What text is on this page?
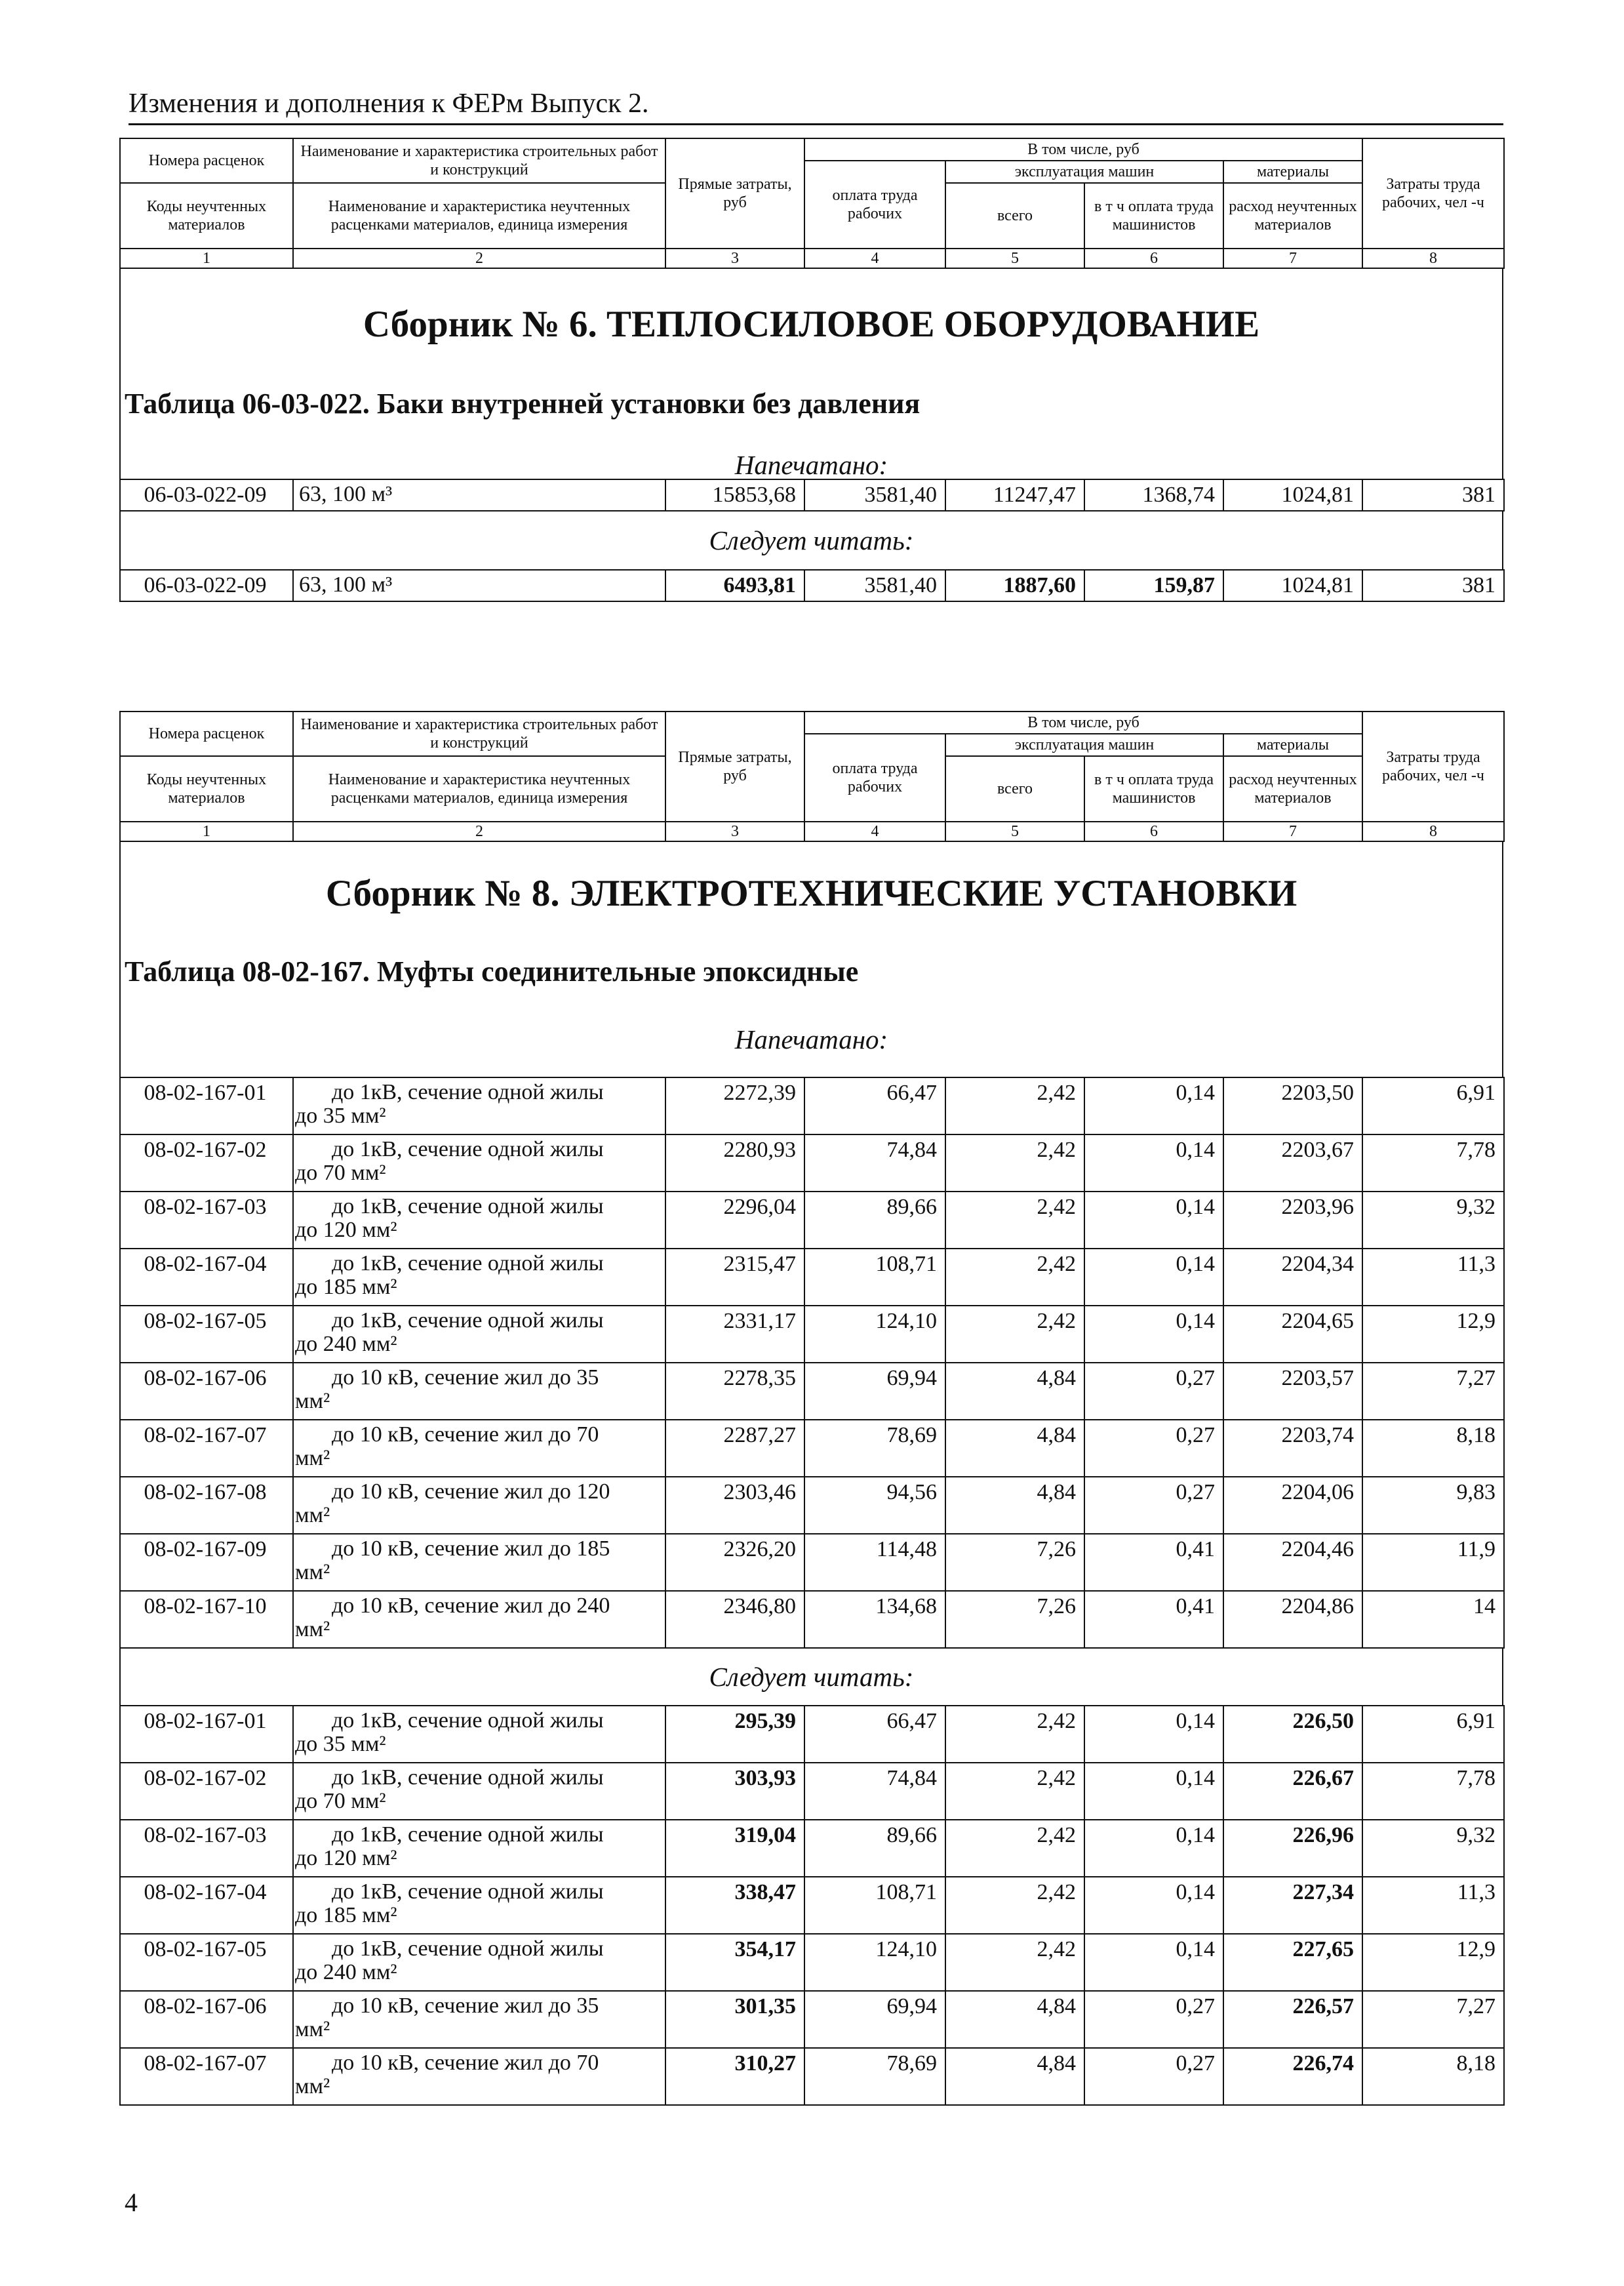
Изменения и дополнения к ФЕРм Выпуск 2.
Номера расценок	Наименование и характеристика строительных работ и конструкций	Прямые затраты, руб	В том числе, руб				Затраты труда рабочих, чел -ч
			оплата труда рабочих	эксплуатация машин		материалы	
Коды неучтенных материалов	Наименование и характеристика неучтенных расценками материалов, единица измерения			всего	в т ч оплата труда машинистов	расход неучтенных материалов	

1	2	3	4	5	6	7	8
Сборник № 6. ТЕПЛОСИЛОВОЕ ОБОРУДОВАНИЕ
Таблица 06-03-022. Баки внутренней установки без давления
Напечатано:
06-03-022-09	63, 100 м³	15853,68	3581,40	11247,47	1368,74	1024,81	381
Следует читать:
06-03-022-09	63, 100 м³	6493,81	3581,40	1887,60	159,87	1024,81	381
Номера расценок	Наименование и характеристика строительных работ и конструкций	Прямые затраты, руб	В том числе, руб				Затраты труда рабочих, чел -ч
			оплата труда рабочих	эксплуатация машин		материалы	
Коды неучтенных материалов	Наименование и характеристика неучтенных расценками материалов, единица измерения			всего	в т ч оплата труда машинистов	расход неучтенных материалов	

1	2	3	4	5	6	7	8
Сборник № 8. ЭЛЕКТРОТЕХНИЧЕСКИЕ УСТАНОВКИ
Таблица 08-02-167. Муфты соединительные эпоксидные
Напечатано:
08-02-167-01	до 1кВ, сечение одной жилы
до 35 мм²	2272,39	66,47	2,42	0,14	2203,50	6,91
08-02-167-02	до 1кВ, сечение одной жилы
до 70 мм²	2280,93	74,84	2,42	0,14	2203,67	7,78
08-02-167-03	до 1кВ, сечение одной жилы
до 120 мм²	2296,04	89,66	2,42	0,14	2203,96	9,32
08-02-167-04	до 1кВ, сечение одной жилы
до 185 мм²	2315,47	108,71	2,42	0,14	2204,34	11,3
08-02-167-05	до 1кВ, сечение одной жилы
до 240 мм²	2331,17	124,10	2,42	0,14	2204,65	12,9
08-02-167-06	до 10 кВ, сечение жил до 35
мм²	2278,35	69,94	4,84	0,27	2203,57	7,27
08-02-167-07	до 10 кВ, сечение жил до 70
мм²	2287,27	78,69	4,84	0,27	2203,74	8,18
08-02-167-08	до 10 кВ, сечение жил до 120
мм²	2303,46	94,56	4,84	0,27	2204,06	9,83
08-02-167-09	до 10 кВ, сечение жил до 185
мм²	2326,20	114,48	7,26	0,41	2204,46	11,9
08-02-167-10	до 10 кВ, сечение жил до 240
мм²	2346,80	134,68	7,26	0,41	2204,86	14
Следует читать:
08-02-167-01	до 1кВ, сечение одной жилы
до 35 мм²	295,39	66,47	2,42	0,14	226,50	6,91
08-02-167-02	до 1кВ, сечение одной жилы
до 70 мм²	303,93	74,84	2,42	0,14	226,67	7,78
08-02-167-03	до 1кВ, сечение одной жилы
до 120 мм²	319,04	89,66	2,42	0,14	226,96	9,32
08-02-167-04	до 1кВ, сечение одной жилы
до 185 мм²	338,47	108,71	2,42	0,14	227,34	11,3
08-02-167-05	до 1кВ, сечение одной жилы
до 240 мм²	354,17	124,10	2,42	0,14	227,65	12,9
08-02-167-06	до 10 кВ, сечение жил до 35
мм²	301,35	69,94	4,84	0,27	226,57	7,27
08-02-167-07	до 10 кВ, сечение жил до 70
мм²	310,27	78,69	4,84	0,27	226,74	8,18
4
